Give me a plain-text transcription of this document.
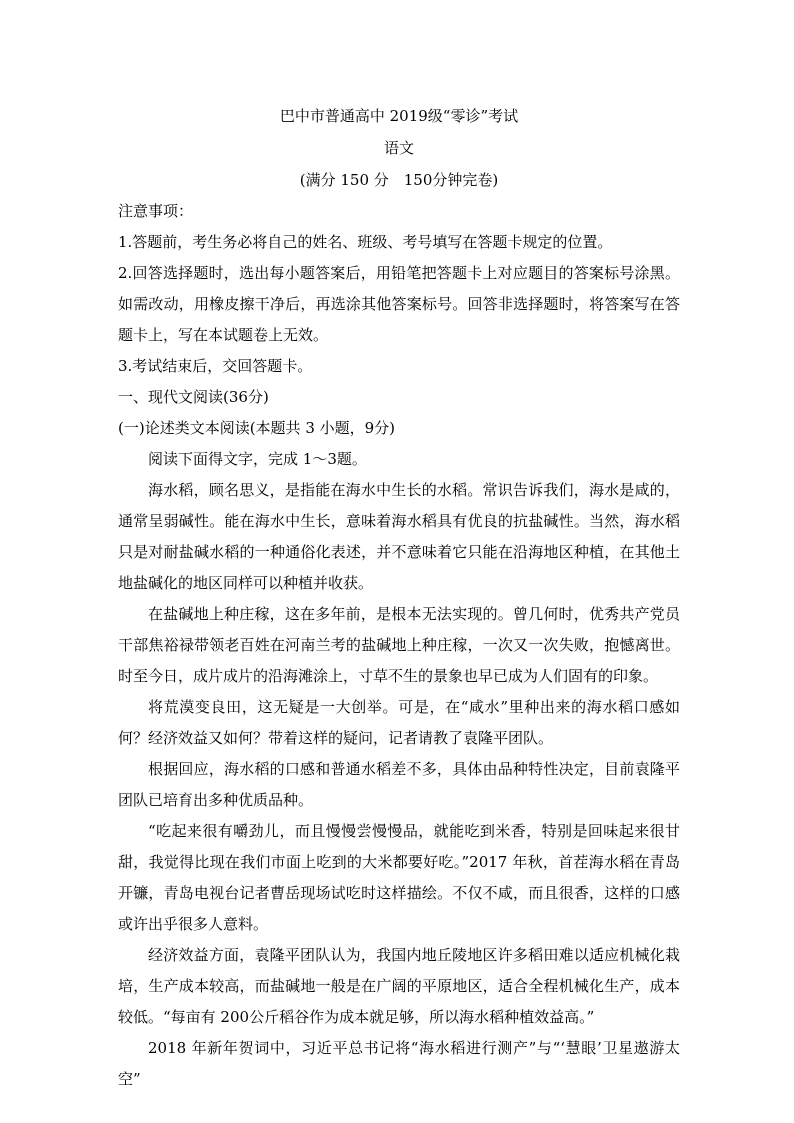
巴中市普通高中 2019级“零诊”考试
语文
(满分 150 分　150分钟完卷)
注意事项：

1.答题前，考生务必将自己的姓名、班级、考号填写在答题卡规定的位置。

2.回答选择题时，选出每小题答案后，用铅笔把答题卡上对应题目的答案标号涂黑。如需改动，用橡皮擦干净后，再选涂其他答案标号。回答非选择题时，将答案写在答题卡上，写在本试题卷上无效。

3.考试结束后，交回答题卡。

一、现代文阅读(36分)
(一)论述类文本阅读(本题共 3 小题，9分)

阅读下面得文字，完成 1～3题。

海水稻，顾名思义，是指能在海水中生长的水稻。常识告诉我们，海水是咸的，通常呈弱碱性。能在海水中生长，意味着海水稻具有优良的抗盐碱性。当然，海水稻只是对耐盐碱水稻的一种通俗化表述，并不意味着它只能在沿海地区种植，在其他土地盐碱化的地区同样可以种植并收获。

在盐碱地上种庄稼，这在多年前，是根本无法实现的。曾几何时，优秀共产党员干部焦裕禄带领老百姓在河南兰考的盐碱地上种庄稼，一次又一次失败，抱憾离世。时至今日，成片成片的沿海滩涂上，寸草不生的景象也早已成为人们固有的印象。

将荒漠变良田，这无疑是一大创举。可是，在“咸水”里种出来的海水稻口感如何？经济效益又如何？带着这样的疑问，记者请教了袁隆平团队。

根据回应，海水稻的口感和普通水稻差不多，具体由品种特性决定，目前袁隆平团队已培育出多种优质品种。

“吃起来很有嚼劲儿，而且慢慢尝慢慢品，就能吃到米香，特别是回味起来很甘甜，我觉得比现在我们市面上吃到的大米都要好吃。”2017 年秋，首茬海水稻在青岛开镰，青岛电视台记者曹岳现场试吃时这样描绘。不仅不咸，而且很香，这样的口感或许出乎很多人意料。

经济效益方面，袁隆平团队认为，我国内地丘陵地区许多稻田难以适应机械化栽培，生产成本较高，而盐碱地一般是在广阔的平原地区，适合全程机械化生产，成本较低。“每亩有 200公斤稻谷作为成本就足够，所以海水稻种植效益高。”

2018 年新年贺词中，习近平总书记将“海水稻进行测产”与“‘慧眼’卫星遨游太空”
